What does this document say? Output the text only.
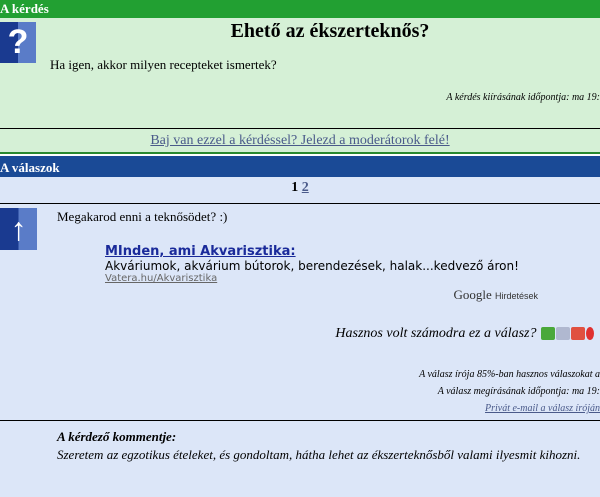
A kérdés
?	Ehető az ékszerteknős?
Ha igen, akkor milyen recepteket ismertek?
A kérdés kiírásának időpontja: ma 19:
Baj van ezzel a kérdéssel? Jelezd a moderátorok felé!
A válaszok
1 2
↑	Megakarod enni a teknősödet? :)
MInden, ami Akvarisztika:
Akváriumok, akvárium bútorok, berendezések, halak...kedvező áron!
Vatera.hu/Akvarisztika
Google Hirdetések
Hasznos volt számodra ez a válasz?
A válasz írója 85%-ban hasznos válaszokat a
A válasz megírásának időpontja: ma 19:
Privát e-mail a válasz íróján
A kérdező kommentje:
Szeretem az egzotikus ételeket, és gondoltam, hátha lehet az ékszerteknősből valami ilyesmit kihozni.
